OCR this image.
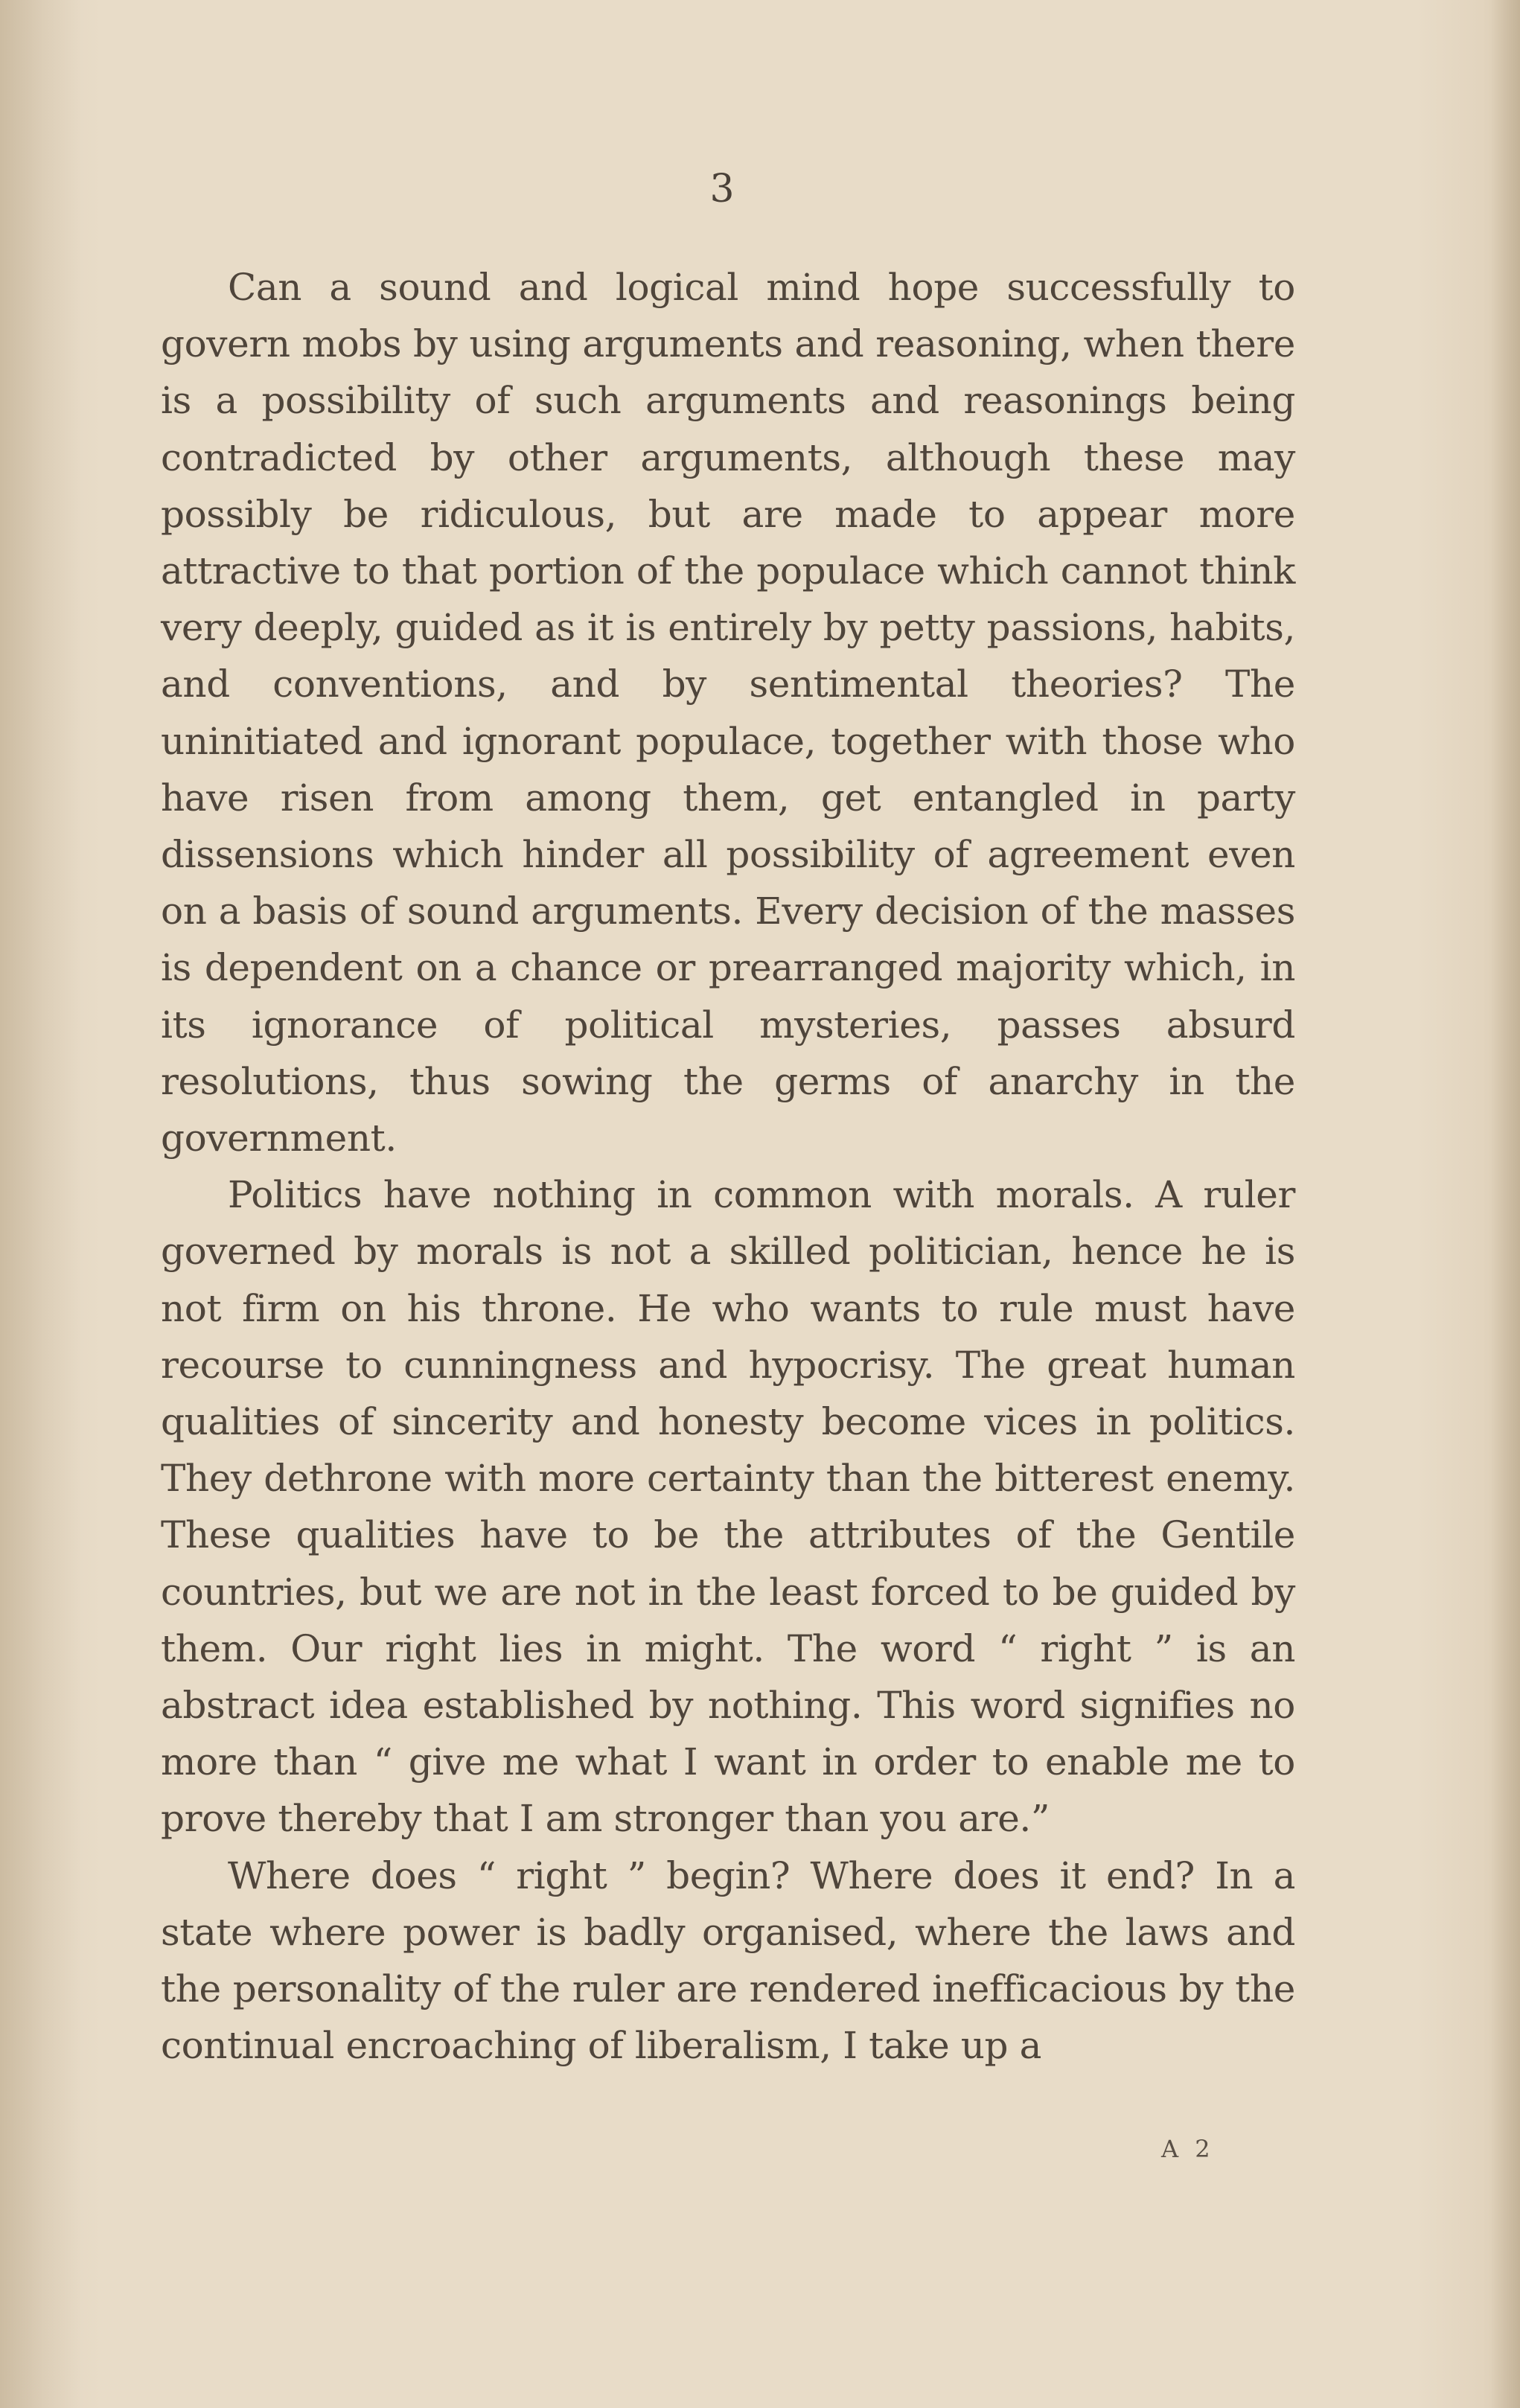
3

Can a sound and logical mind hope successfully to govern mobs by using arguments and reasoning, when there is a possibility of such arguments and reasonings being contradicted by other arguments, although these may possibly be ridiculous, but are made to appear more attractive to that portion of the populace which cannot think very deeply, guided as it is entirely by petty passions, habits, and conventions, and by sentimental theories? The uninitiated and ignorant populace, together with those who have risen from among them, get entangled in party dissensions which hinder all possibility of agreement even on a basis of sound arguments. Every decision of the masses is dependent on a chance or prearranged majority which, in its ignorance of political mysteries, passes absurd resolutions, thus sowing the germs of anarchy in the government.

Politics have nothing in common with morals. A ruler governed by morals is not a skilled politician, hence he is not firm on his throne. He who wants to rule must have recourse to cunningness and hypocrisy. The great human qualities of sincerity and honesty become vices in politics. They dethrone with more certainty than the bitterest enemy. These qualities have to be the attributes of the Gentile countries, but we are not in the least forced to be guided by them. Our right lies in might. The word “ right ” is an abstract idea established by nothing. This word signifies no more than “ give me what I want in order to enable me to prove thereby that I am stronger than you are.”

Where does “ right ” begin? Where does it end? In a state where power is badly organised, where the laws and the personality of the ruler are rendered inefficacious by the continual encroaching of liberalism, I take up a

A 2
